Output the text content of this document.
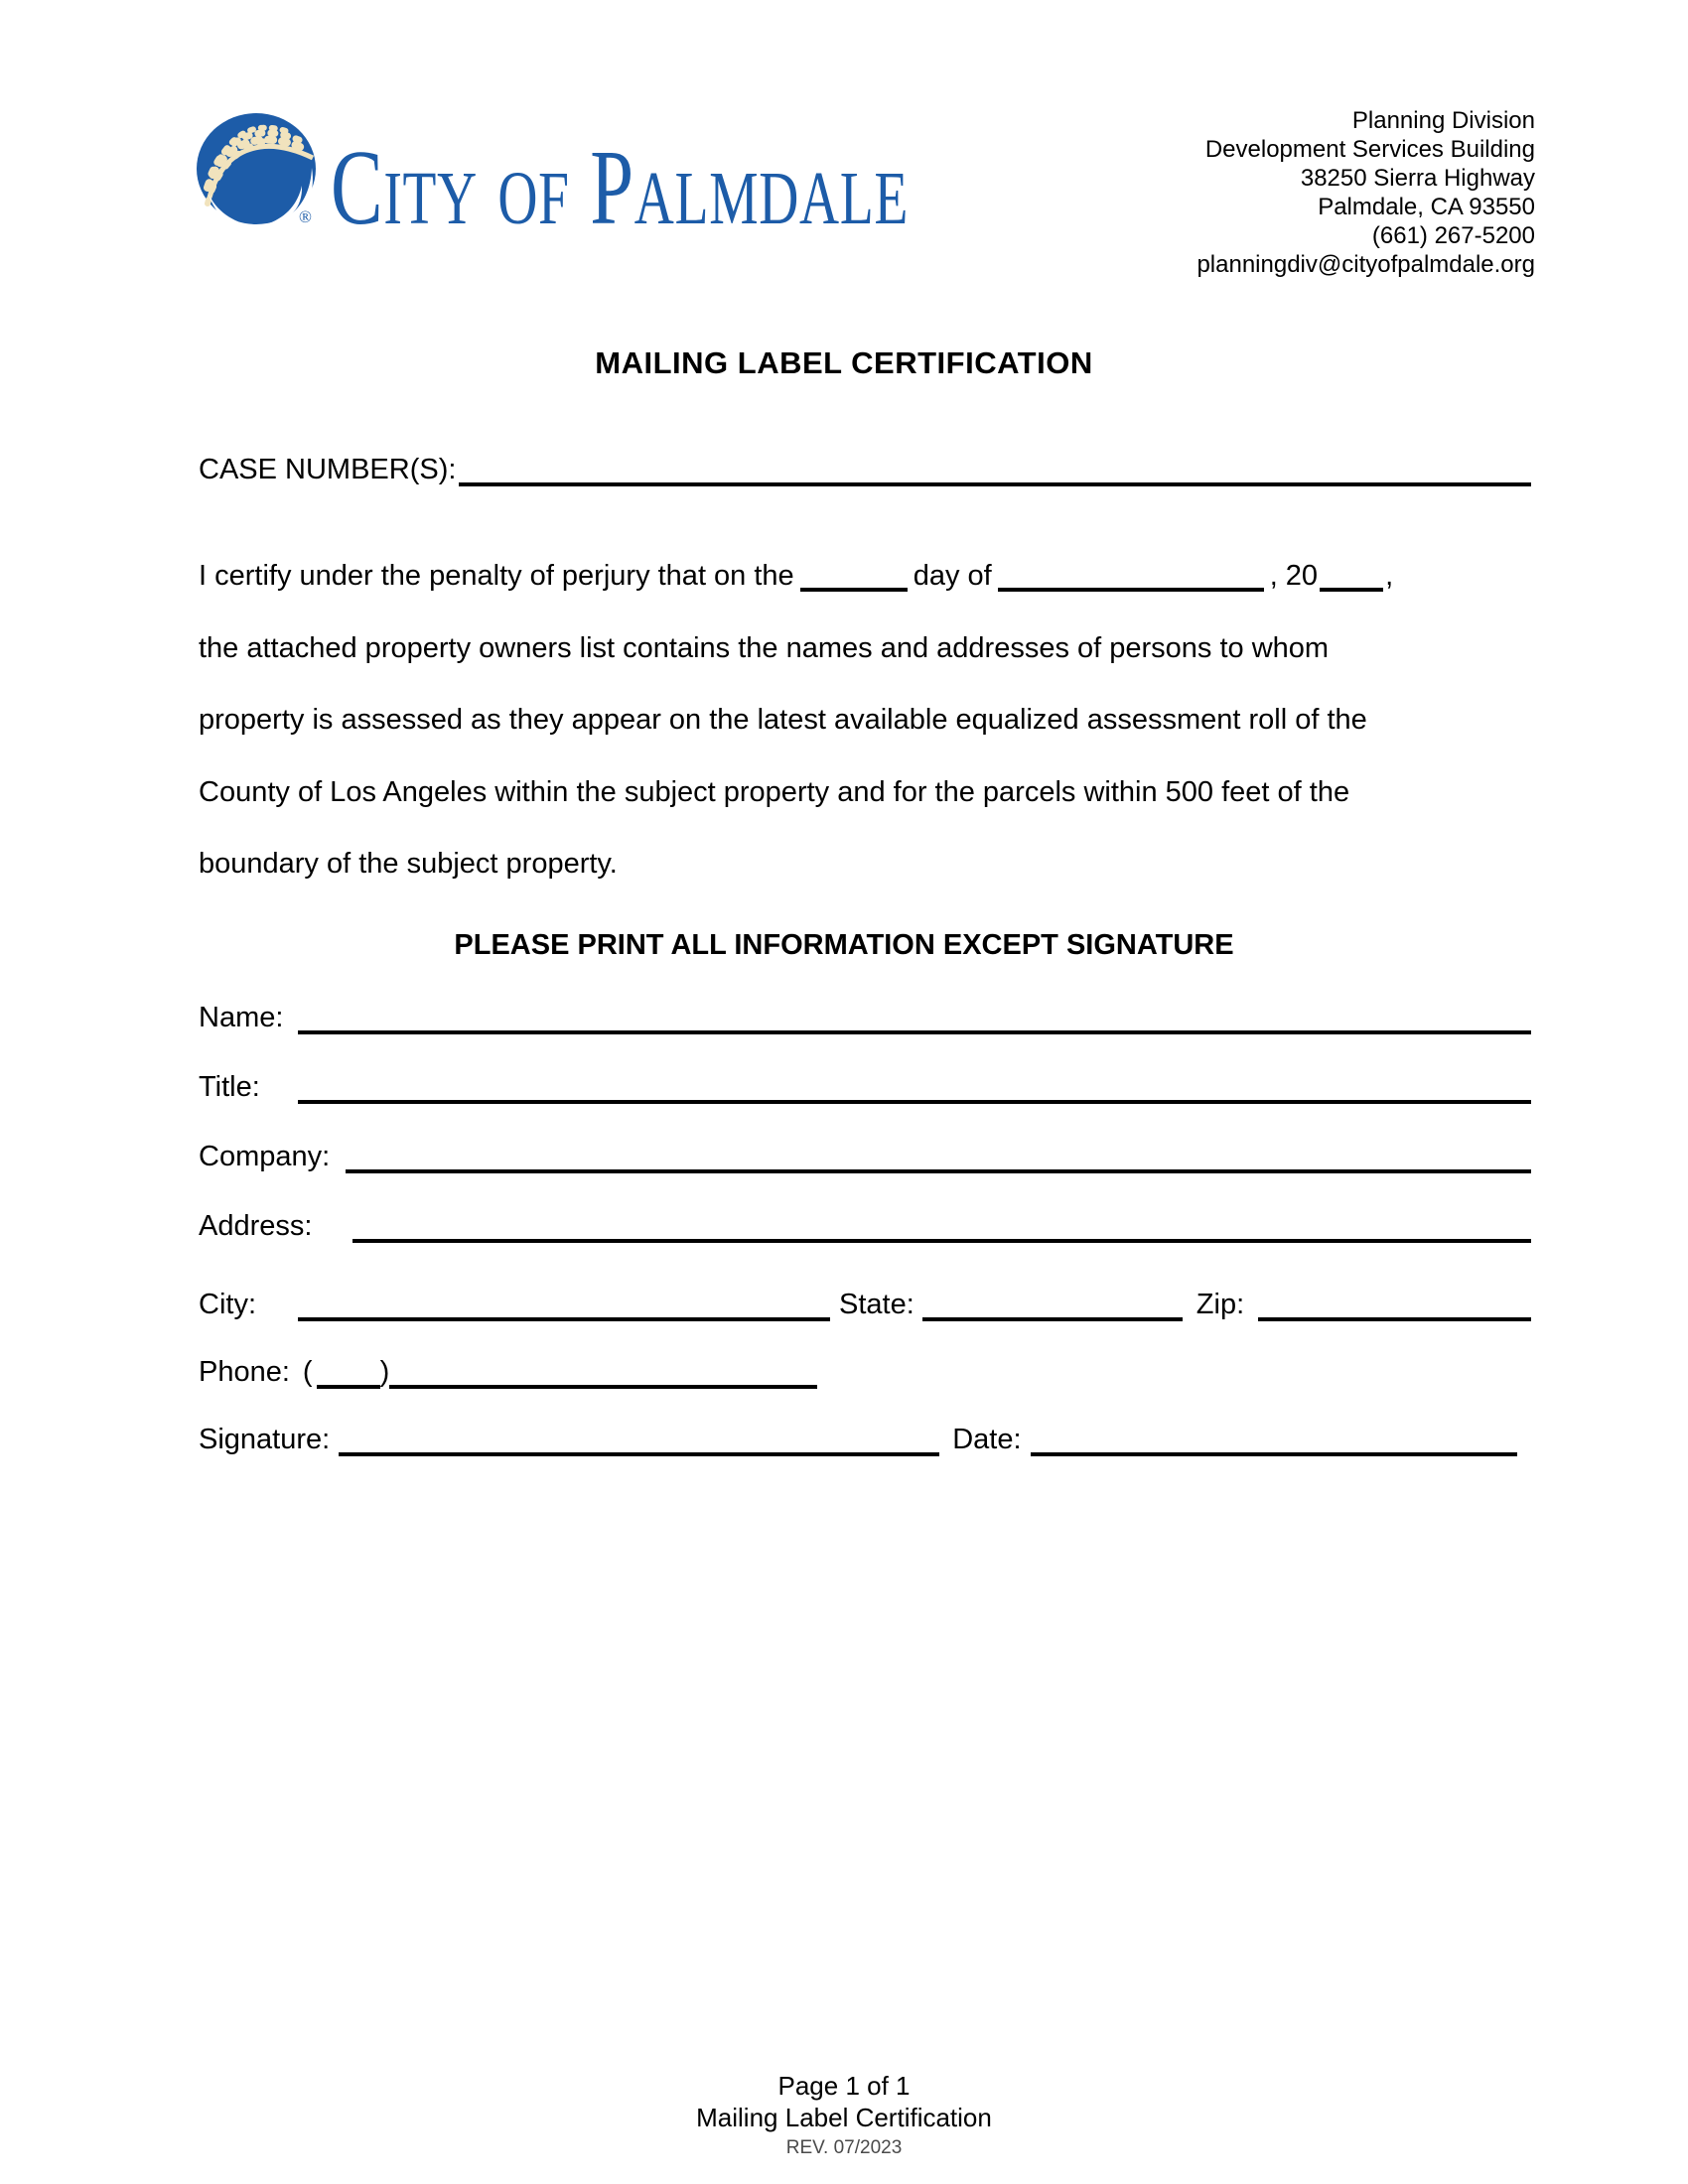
® City of Palmdale
Planning Division
Development Services Building
38250 Sierra Highway
Palmdale, CA 93550
(661) 267-5200
planningdiv@cityofpalmdale.org
MAILING LABEL CERTIFICATION
CASE NUMBER(S):
I certify under the penalty of perjury that on the	day of	, 20 ,
the attached property owners list contains the names and addresses of persons to whom
property is assessed as they appear on the latest available equalized assessment roll of the
County of Los Angeles within the subject property and for the parcels within 500 feet of the
boundary of the subject property.
PLEASE PRINT ALL INFORMATION EXCEPT SIGNATURE
Name:
Title:
Company:
Address:
City:	State:	Zip:
Phone: ( )
Signature:	Date:
Page 1 of 1
Mailing Label Certification
REV. 07/2023
